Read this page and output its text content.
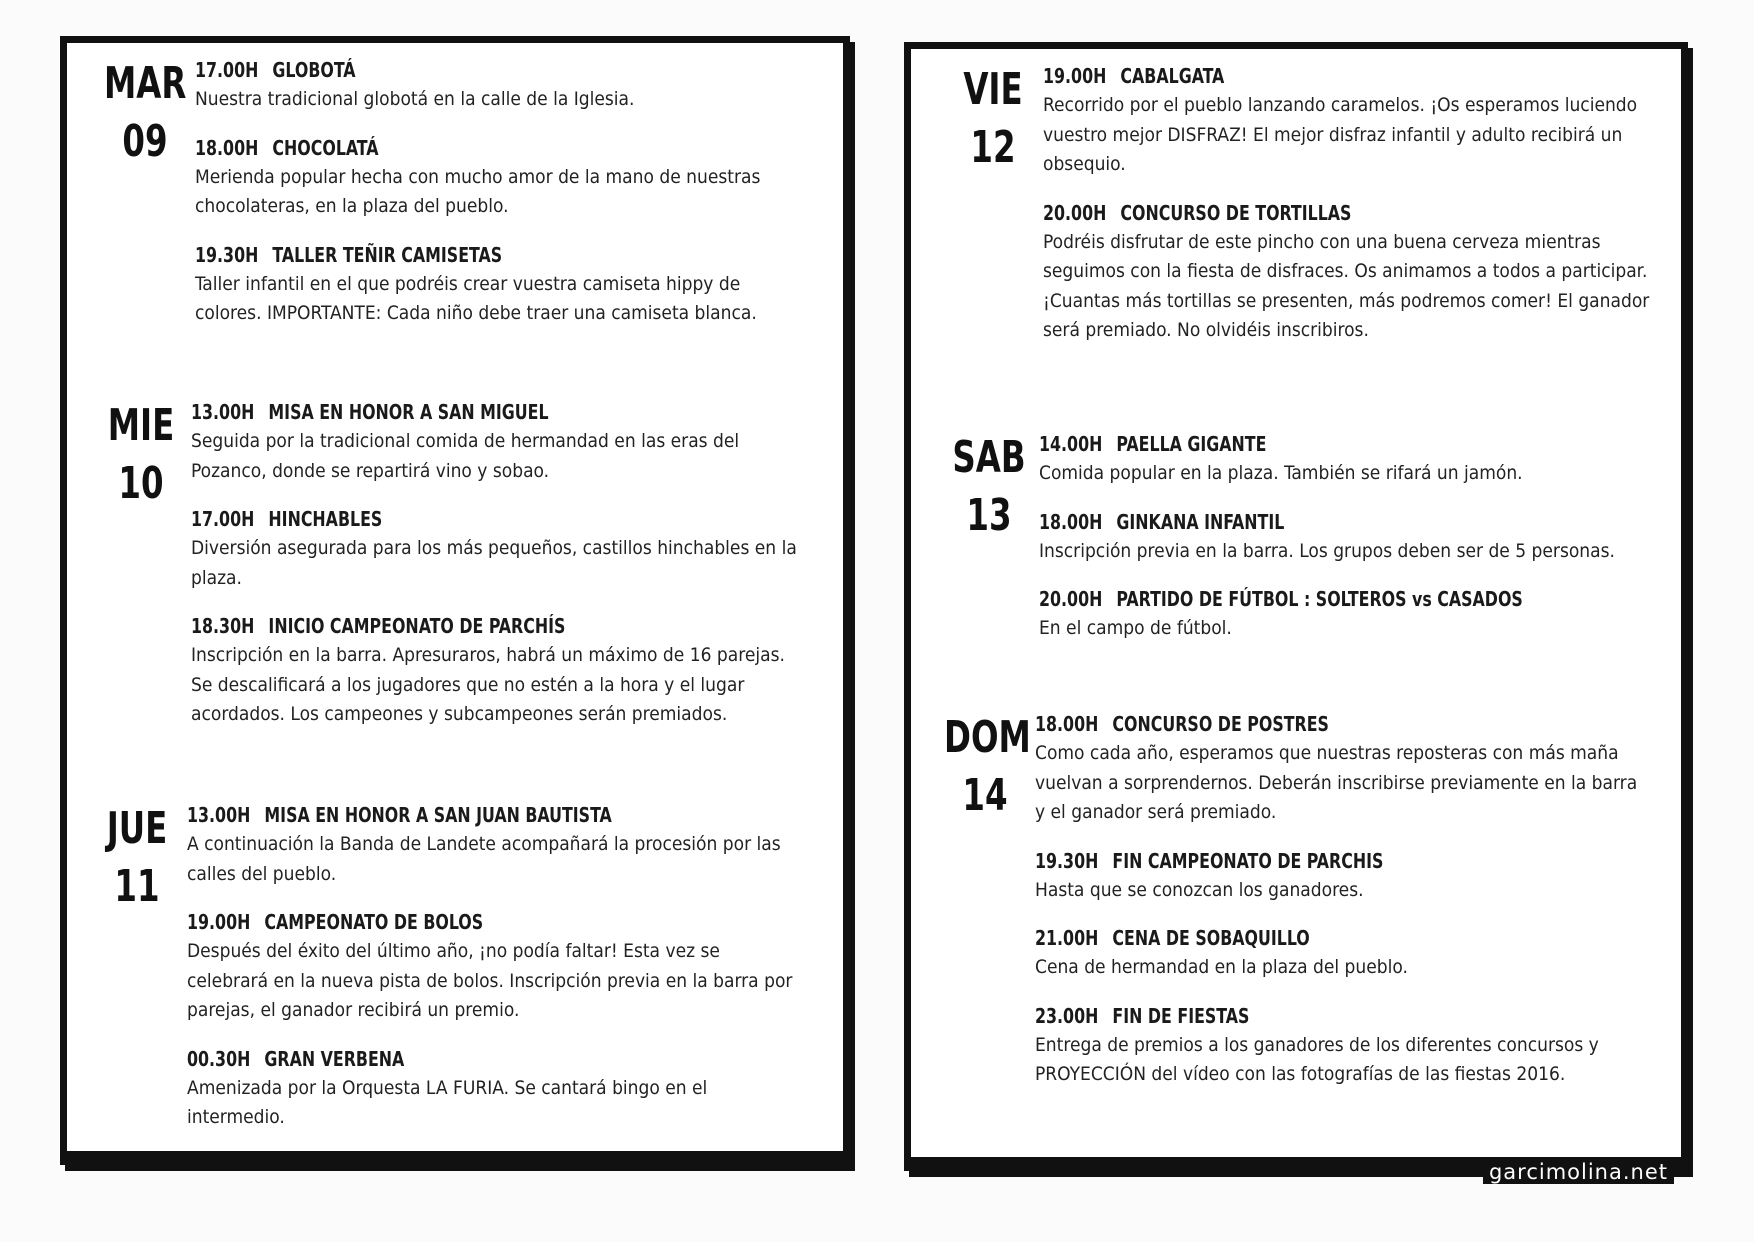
MAR
09
17.00H GLOBOTÁ
Nuestra tradicional globotá en la calle de la Iglesia.
18.00H CHOCOLATÁ
Merienda popular hecha con mucho amor de la mano de nuestras chocolateras, en la plaza del pueblo.
19.30H TALLER TEÑIR CAMISETAS
Taller infantil en el que podréis crear vuestra camiseta hippy de colores. IMPORTANTE: Cada niño debe traer una camiseta blanca.
MIE
10
13.00H MISA EN HONOR A SAN MIGUEL
Seguida por la tradicional comida de hermandad en las eras del Pozanco, donde se repartirá vino y sobao.
17.00H HINCHABLES
Diversión asegurada para los más pequeños, castillos hinchables en la plaza.
18.30H INICIO CAMPEONATO DE PARCHÍS
Inscripción en la barra. Apresuraros, habrá un máximo de 16 parejas. Se descalificará a los jugadores que no estén a la hora y el lugar acordados. Los campeones y subcampeones serán premiados.
JUE
11
13.00H MISA EN HONOR A SAN JUAN BAUTISTA
A continuación la Banda de Landete acompañará la procesión por las calles del pueblo.
19.00H CAMPEONATO DE BOLOS
Después del éxito del último año, ¡no podía faltar! Esta vez se celebrará en la nueva pista de bolos. Inscripción previa en la barra por parejas, el ganador recibirá un premio.
00.30H GRAN VERBENA
Amenizada por la Orquesta LA FURIA. Se cantará bingo en el intermedio.
VIE
12
19.00H CABALGATA
Recorrido por el pueblo lanzando caramelos. ¡Os esperamos luciendo vuestro mejor DISFRAZ! El mejor disfraz infantil y adulto recibirá un obsequio.
20.00H CONCURSO DE TORTILLAS
Podréis disfrutar de este pincho con una buena cerveza mientras seguimos con la fiesta de disfraces. Os animamos a todos a participar. ¡Cuantas más tortillas se presenten, más podremos comer! El ganador será premiado. No olvidéis inscribiros.
SAB
13
14.00H PAELLA GIGANTE
Comida popular en la plaza. También se rifará un jamón.
18.00H GINKANA INFANTIL
Inscripción previa en la barra. Los grupos deben ser de 5 personas.
20.00H PARTIDO DE FÚTBOL : SOLTEROS vs CASADOS
En el campo de fútbol.
DOM
14
18.00H CONCURSO DE POSTRES
Como cada año, esperamos que nuestras reposteras con más maña vuelvan a sorprendernos. Deberán inscribirse previamente en la barra y el ganador será premiado.
19.30H FIN CAMPEONATO DE PARCHIS
Hasta que se conozcan los ganadores.
21.00H CENA DE SOBAQUILLO
Cena de hermandad en la plaza del pueblo.
23.00H FIN DE FIESTAS
Entrega de premios a los ganadores de los diferentes concursos y PROYECCIÓN del vídeo con las fotografías de las fiestas 2016.
garcimolina.net
